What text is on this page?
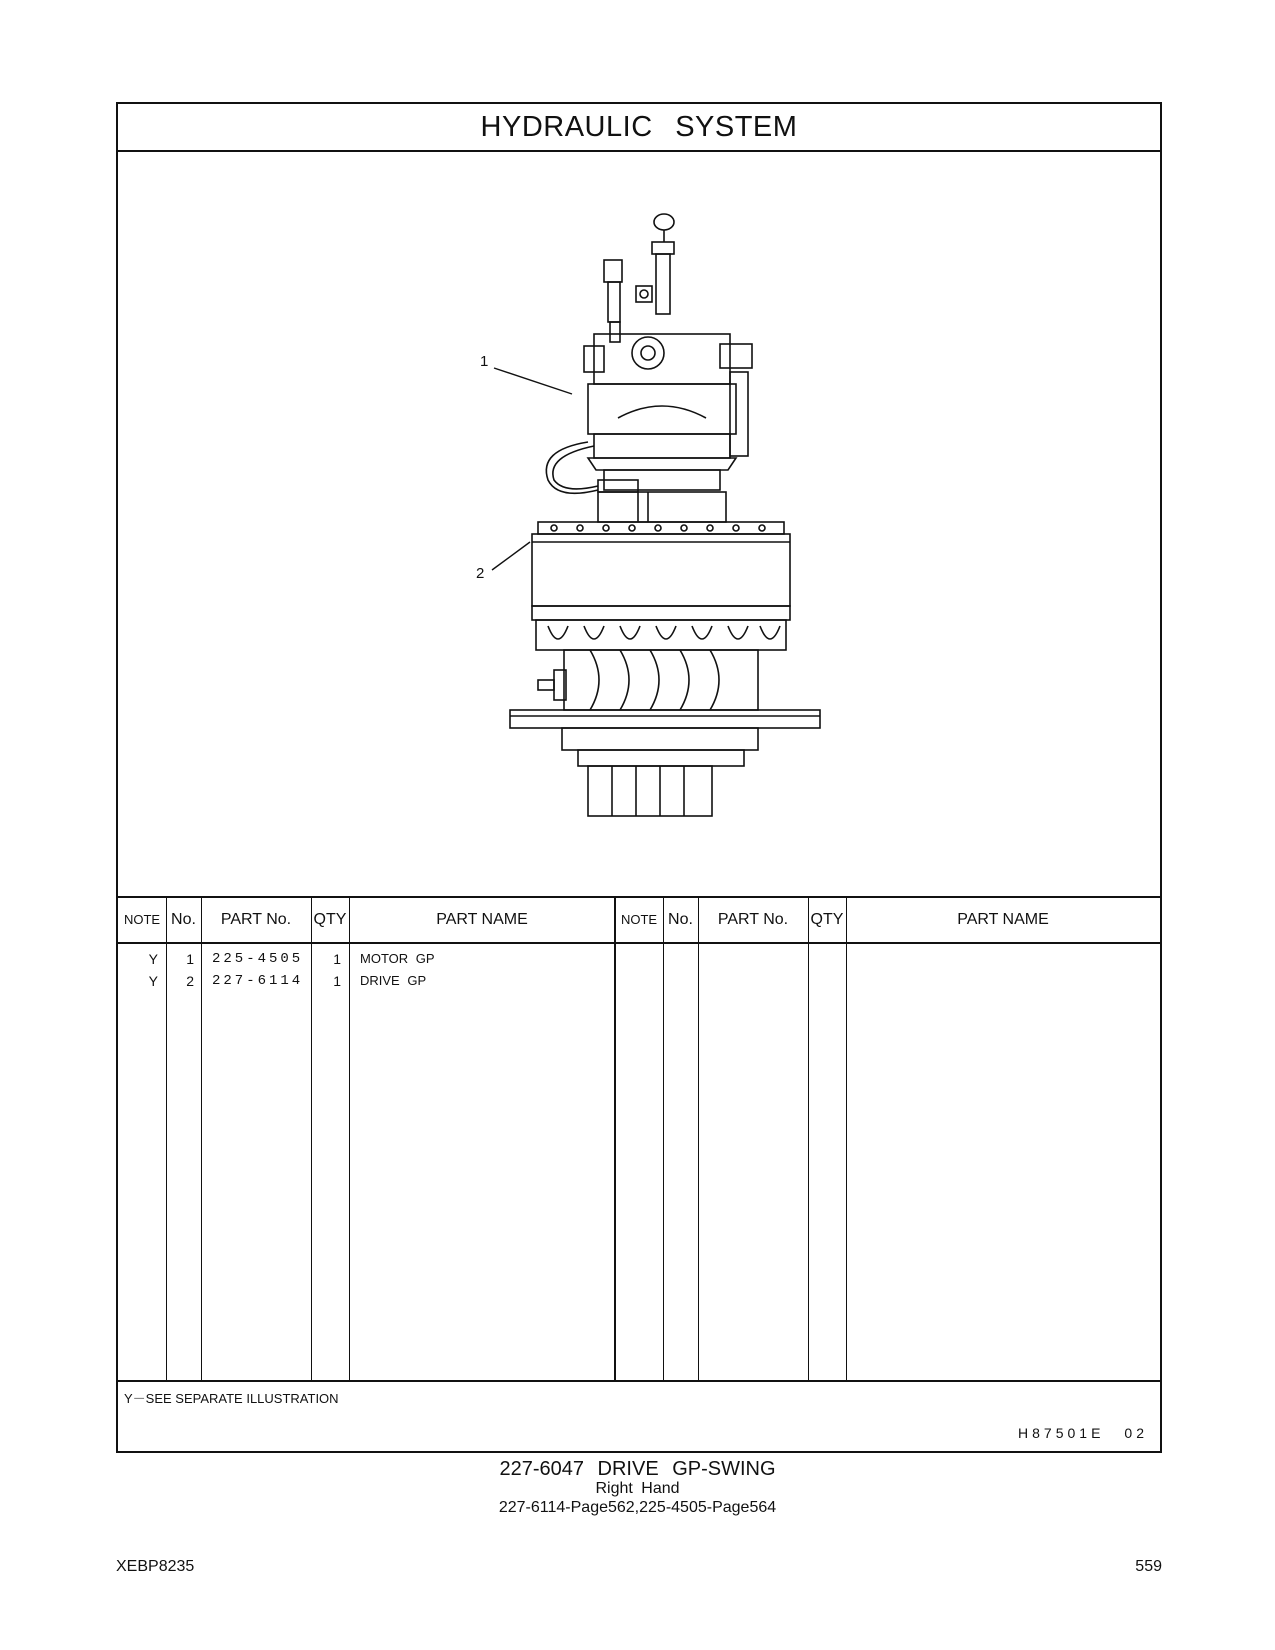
HYDRAULIC SYSTEM
1
2
NOTE No.	PART No.	QTY	PART NAME	NOTE No.	PART No.	QTY	PART NAME
Y	1 225-4505	1 MOTOR GP
Y	2 227-6114	1 DRIVE GP
Y－SEE SEPARATE ILLUSTRATION
H87501E 02
227-6047 DRIVE GP-SWING
Right Hand
227-6114-Page562,225-4505-Page564
XEBP8235	559
